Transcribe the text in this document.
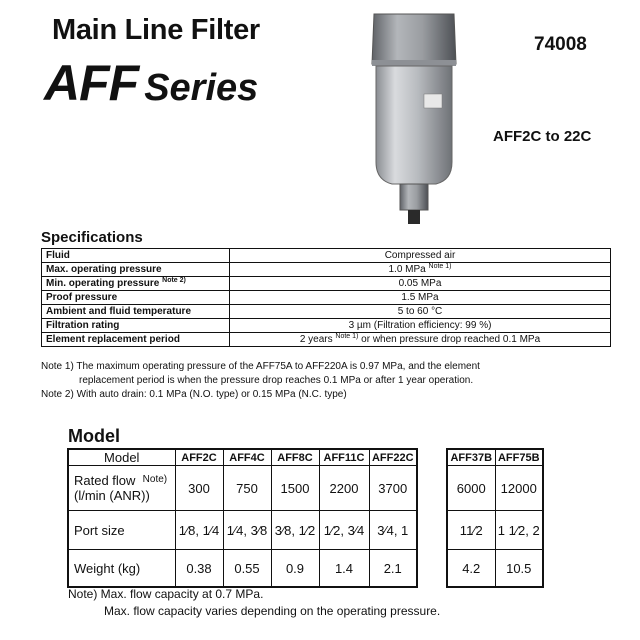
Main Line Filter
AFF Series
74008
AFF2C to 22C
Specifications
Fluid	Compressed air
Max. operating pressure	1.0 MPa $^{Note 1)}$
Min. operating pressure $^{Note 2)}$	0.05 MPa
Proof pressure	1.5 MPa
Ambient and fluid temperature	5 to 60 °C
Filtration rating	3 µm (Filtration efficiency: 99 %)
Element replacement period	2 years $^{Note 1)}$ or when pressure drop reached 0.1 MPa
Note 1) The maximum operating pressure of the AFF75A to AFF220A is 0.97 MPa, and the element
replacement period is when the pressure drop reaches 0.1 MPa or after 1 year operation.
Note 2) With auto drain: 0.1 MPa (N.O. type) or 0.15 MPa (N.C. type)
Model
Model	AFF2C	AFF4C	AFF8C	AFF11C	AFF22C

Rated flow $^{Note)}$
(l/min (ANR))	300	750	1500	2200	3700
Port size	1⁄8, 1⁄4	1⁄4, 3⁄8	3⁄8, 1⁄2	1⁄2, 3⁄4	3⁄4, 1
Weight (kg)	0.38	0.55	0.9	1.4	2.1
AFF37B	AFF75B
6000	12000
11⁄2	1 1⁄2, 2
4.2	10.5
Note) Max. flow capacity at 0.7 MPa.
Max. flow capacity varies depending on the operating pressure.
